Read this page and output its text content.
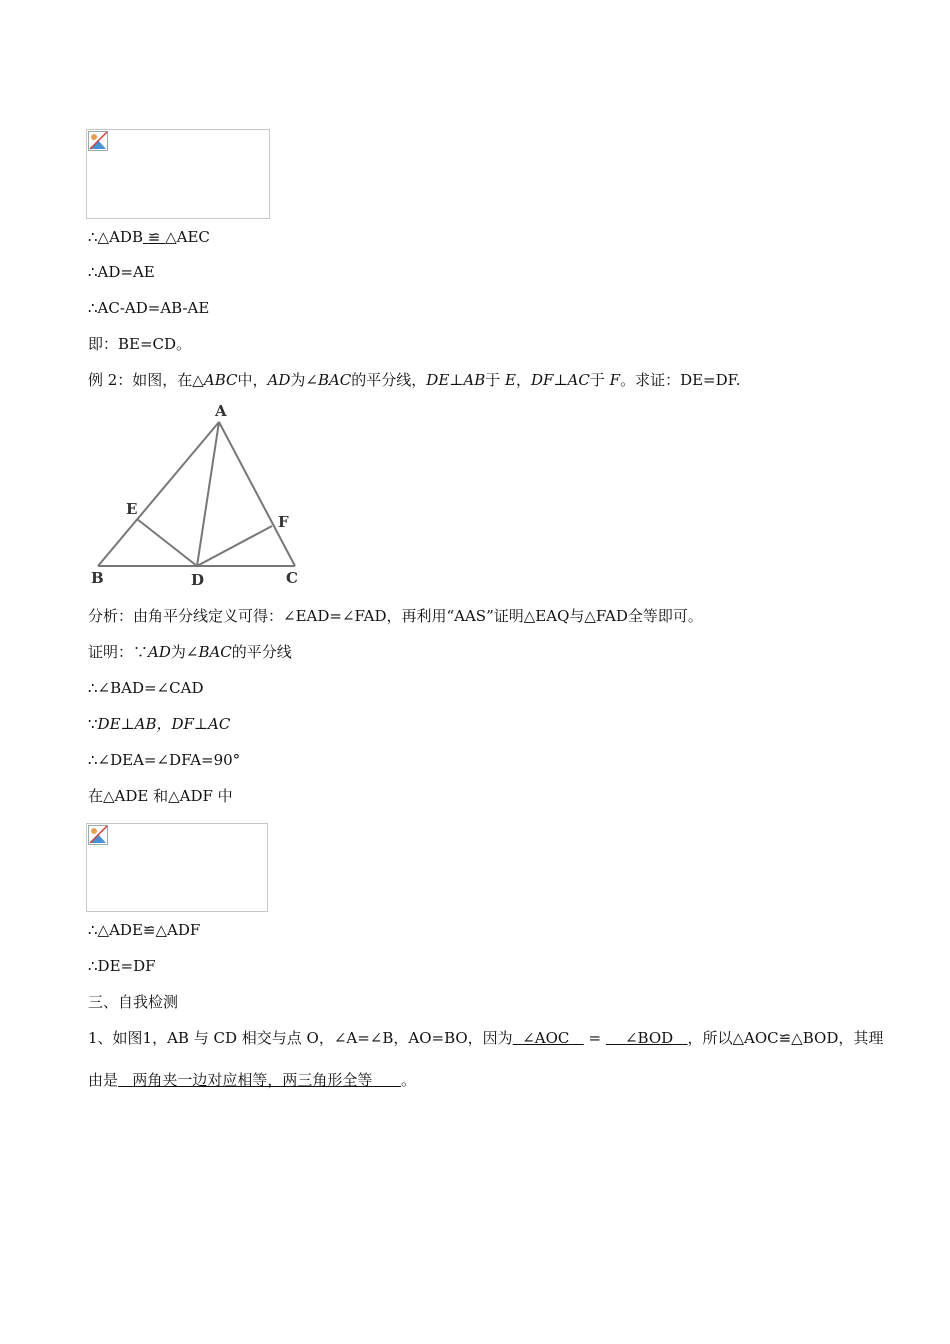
∴△ADB ≌ △AEC
∴AD=AE
∴AC-AD=AB-AE
即：BE=CD。
例 2：如图，在△ABC中，AD为∠BAC的平分线，DE⊥AB于 E，DF⊥AC于 F。求证：DE=DF.
A
E
F
B	D	C
分析：由角平分线定义可得：∠EAD=∠FAD，再利用“AAS”证明△EAQ与△FAD全等即可。
证明：∵AD为∠BAC的平分线
∴∠BAD=∠CAD
∵DE⊥AB，DF⊥AC
∴∠DEA=∠DFA=90°
在△ADE 和△ADF 中
∴△ADE≌△ADF
∴DE=DF
三、自我检测
1、如图1，AB 与 CD 相交与点 O，∠A=∠B，AO=BO，因为 ∠AOC = ∠BOD ，所以△AOC≌△BOD，其理
由是 两角夹一边对应相等，两三角形全等 。
